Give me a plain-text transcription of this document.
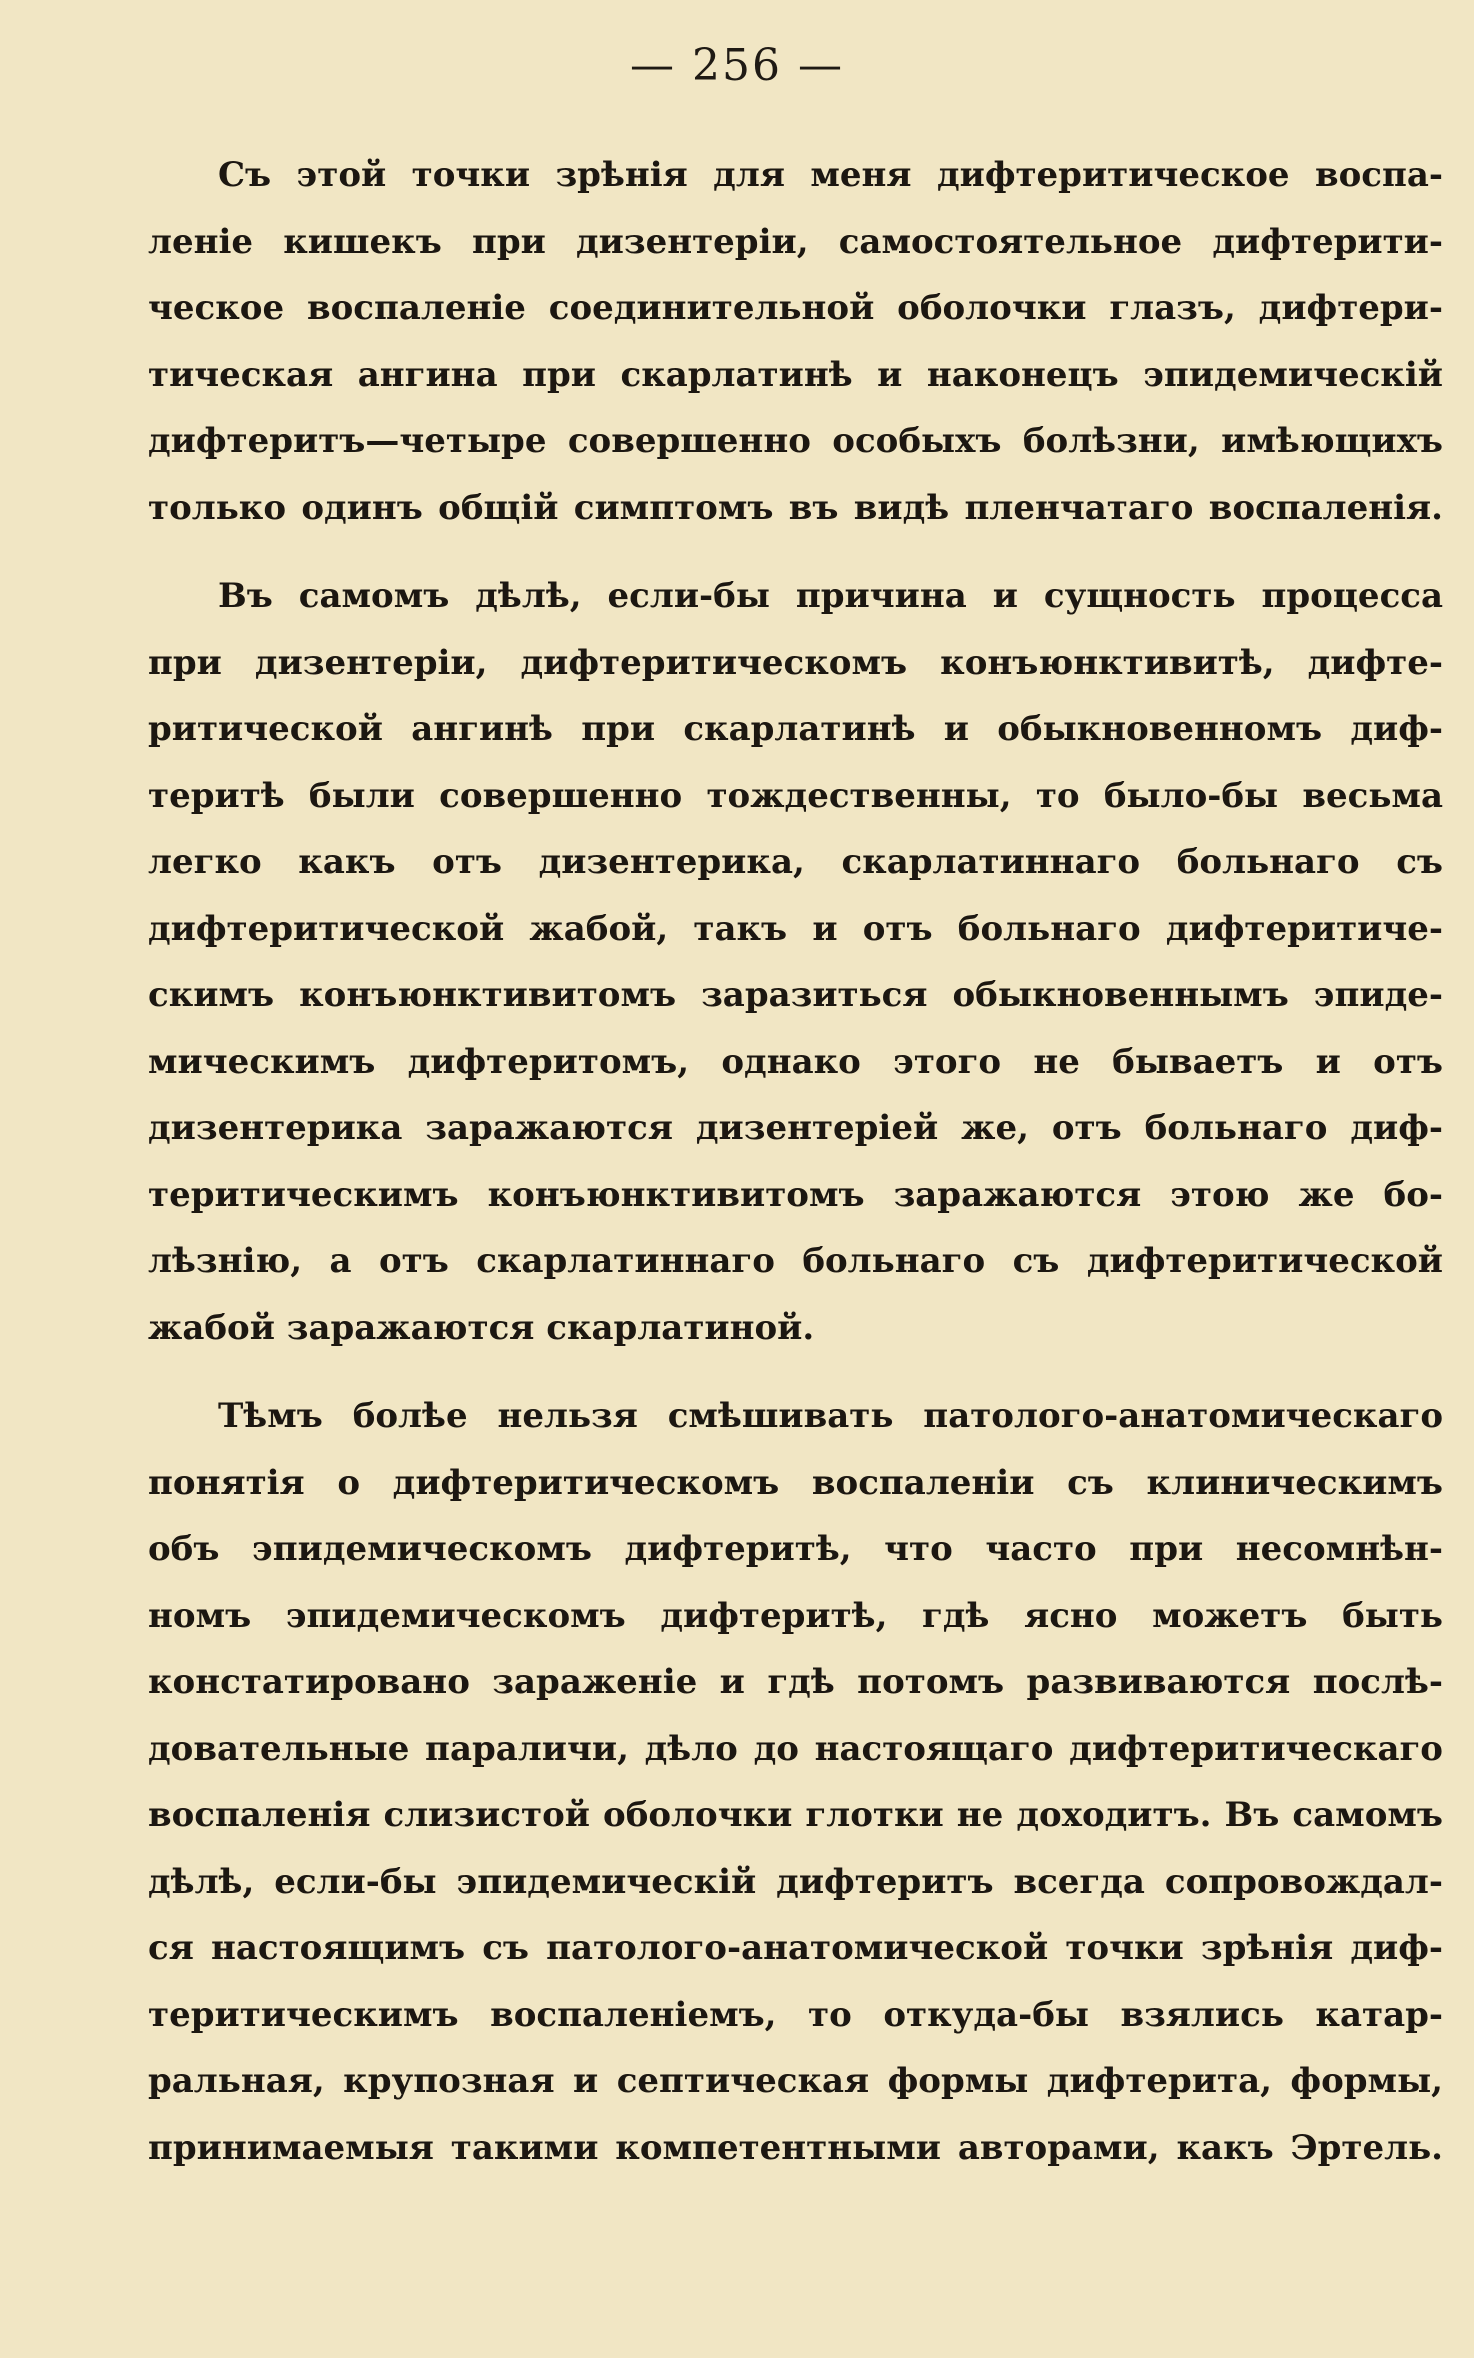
— 256 —
Съ этой точки зрѣнія для меня дифтеритическое воспа-
леніе кишекъ при дизентеріи, самостоятельное дифтерити-
ческое воспаленіе соединительной оболочки глазъ, дифтери-
тическая ангина при скарлатинѣ и наконецъ эпидемическій
дифтеритъ—четыре совершенно особыхъ болѣзни, имѣющихъ
только одинъ общій симптомъ въ видѣ пленчатаго воспаленія.
Въ самомъ дѣлѣ, если-бы причина и сущность процесса
при дизентеріи, дифтеритическомъ конъюнктивитѣ, дифте-
ритической ангинѣ при скарлатинѣ и обыкновенномъ диф-
теритѣ были совершенно тождественны, то было-бы весьма
легко какъ отъ дизентерика, скарлатиннаго больнаго съ
дифтеритической жабой, такъ и отъ больнаго дифтеритиче-
скимъ конъюнктивитомъ заразиться обыкновеннымъ эпиде-
мическимъ дифтеритомъ, однако этого не бываетъ и отъ
дизентерика заражаются дизентеріей же, отъ больнаго диф-
теритическимъ конъюнктивитомъ заражаются этою же бо-
лѣзнію, а отъ скарлатиннаго больнаго съ дифтеритической
жабой заражаются скарлатиной.
Тѣмъ болѣе нельзя смѣшивать патолого-анатомическаго
понятія о дифтеритическомъ воспаленіи съ клиническимъ
объ эпидемическомъ дифтеритѣ, что часто при несомнѣн-
номъ эпидемическомъ дифтеритѣ, гдѣ ясно можетъ быть
констатировано зараженіе и гдѣ потомъ развиваются послѣ-
довательные параличи, дѣло до настоящаго дифтеритическаго
воспаленія слизистой оболочки глотки не доходитъ. Въ самомъ
дѣлѣ, если-бы эпидемическій дифтеритъ всегда сопровождал-
ся настоящимъ съ патолого-анатомической точки зрѣнія диф-
теритическимъ воспаленіемъ, то откуда-бы взялись катар-
ральная, крупозная и септическая формы дифтерита, формы,
принимаемыя такими компетентными авторами, какъ Эртель.
